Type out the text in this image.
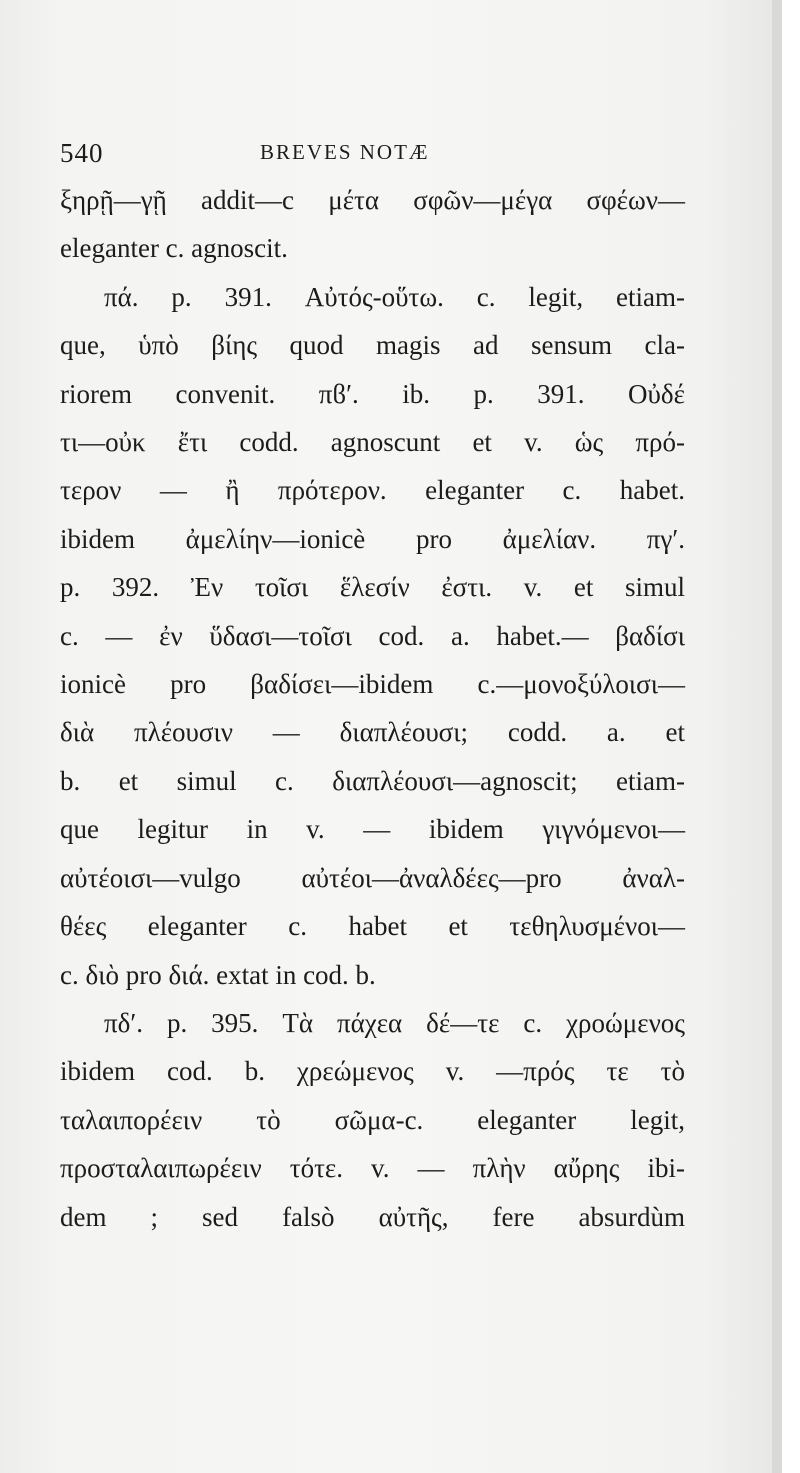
540	BREVES NOTÆ
ξηρῇ—γῇ addit—c μέτα σφῶν—μέγα σφέων—
eleganter c. agnoscit.
πά. p. 391. Αὐτός-οὕτω. c. legit, etiam-
que, ὑπὸ βίης quod magis ad sensum cla-
riorem convenit. πϐʹ. ib. p. 391. Οὐδέ
τι—οὐκ ἔτι codd. agnoscunt et v. ὡς πρό-
τερον — ἢ πρότερον. eleganter c. habet.
ibidem ἀμελίην—ionicè pro ἀμελίαν. πγʹ.
p. 392. Ἐν τοῖσι ἕλεσίν ἐστι. v. et simul
c. — ἐν ὕδασι—τοῖσι cod. a. habet.— βαδίσι
ionicè pro βαδίσει—ibidem c.—μονοξύλοισι—
διὰ πλέουσιν — διαπλέουσι; codd. a. et
b. et simul c. διαπλέουσι—agnoscit; etiam-
que legitur in v. — ibidem γιγνόμενοι—
αὐτέοισι—vulgo αὐτέοι—ἀναλδέες—pro ἀναλ-
θέες eleganter c. habet et τεθηλυσμένοι—
c. διὸ pro διά. extat in cod. b.
πδʹ. p. 395. Τὰ πάχεα δέ—τε c. χροώμενος
ibidem cod. b. χρεώμενος v. —πρός τε τὸ
ταλαιπορέειν τὸ σῶμα-c. eleganter legit,
προσταλαιπωρέειν τότε. v. — πλὴν αὔρης ibi-
dem ; sed falsò αὐτῆς, fere absurdùm
